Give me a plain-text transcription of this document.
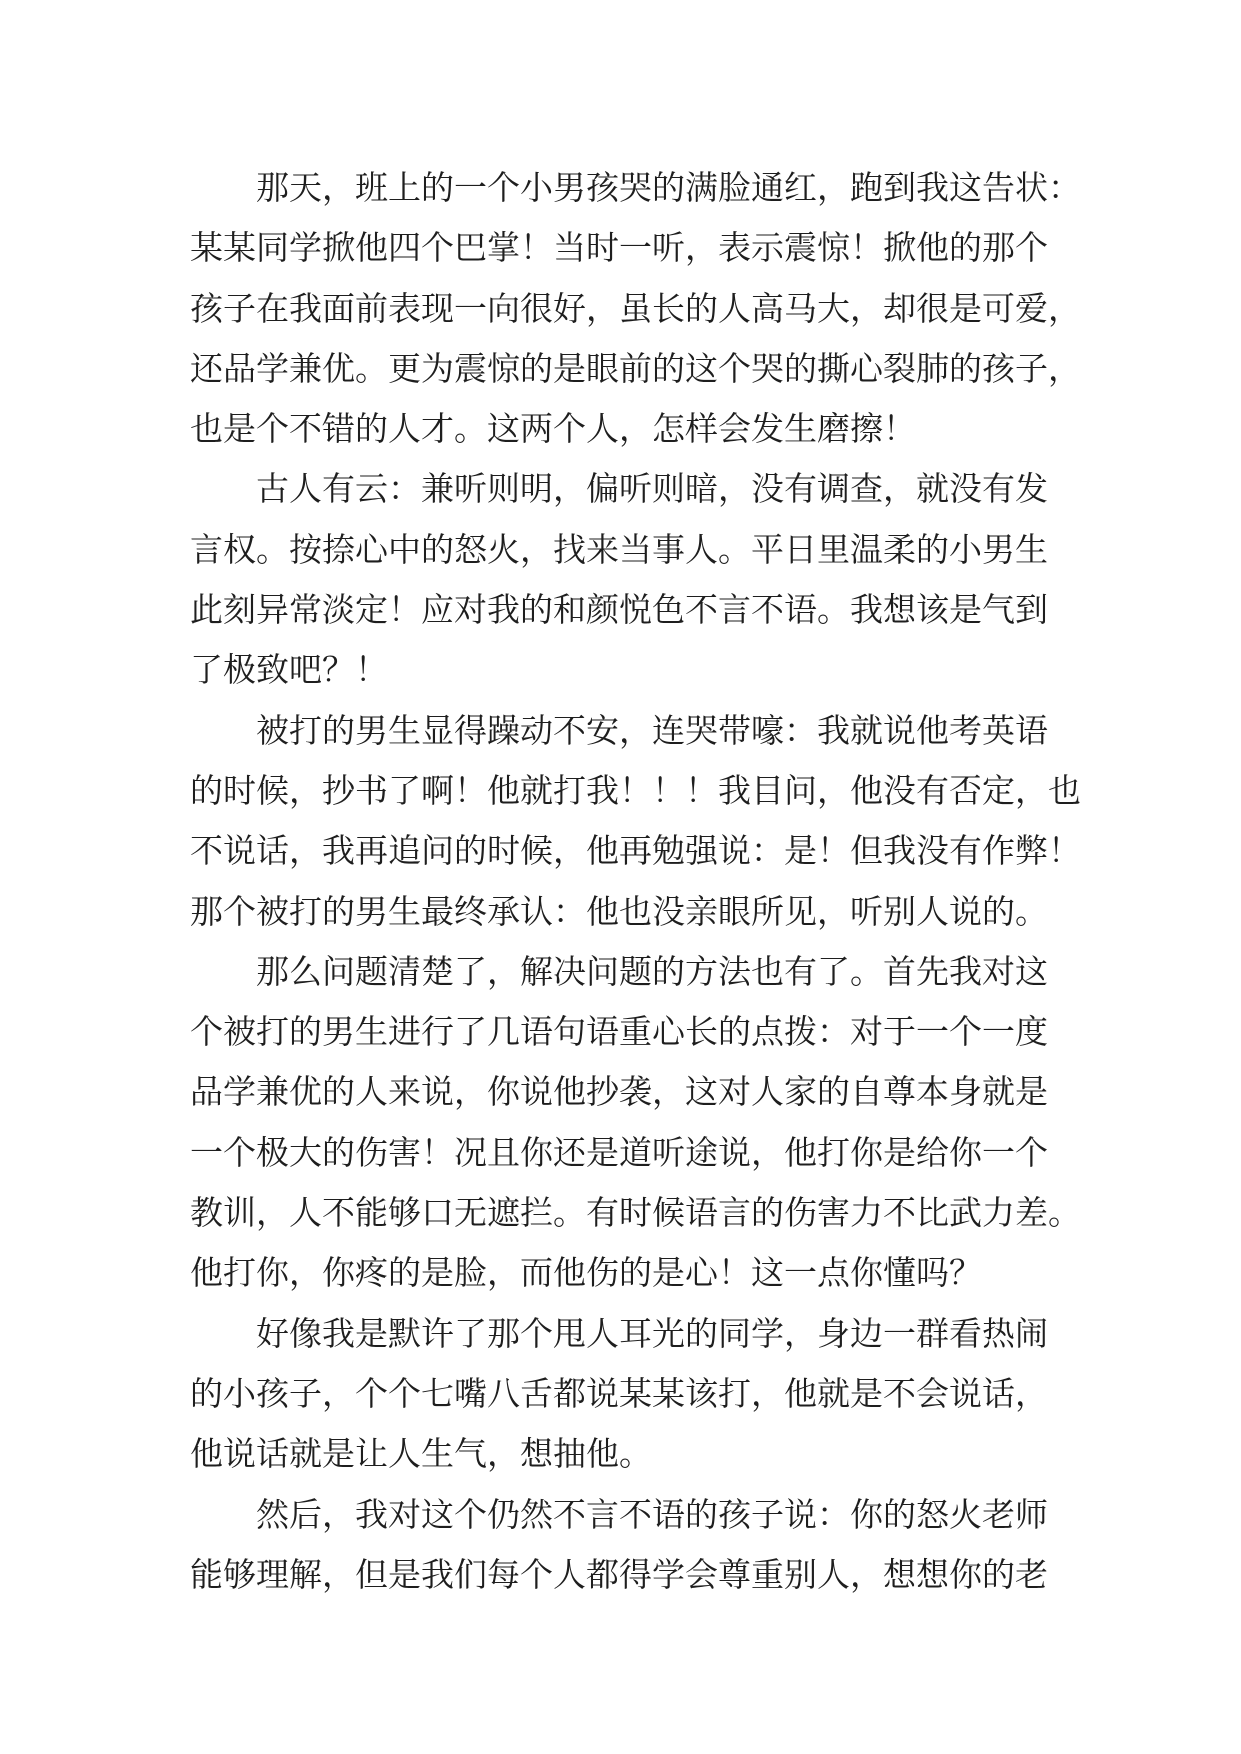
那天，班上的一个小男孩哭的满脸通红，跑到我这告状：
某某同学掀他四个巴掌！当时一听，表示震惊！掀他的那个
孩子在我面前表现一向很好，虽长的人高马大，却很是可爱，
还品学兼优。更为震惊的是眼前的这个哭的撕心裂肺的孩子，
也是个不错的人才。这两个人，怎样会发生磨擦！
古人有云：兼听则明，偏听则暗，没有调查，就没有发
言权。按捺心中的怒火，找来当事人。平日里温柔的小男生
此刻异常淡定！应对我的和颜悦色不言不语。我想该是气到
了极致吧？！
被打的男生显得躁动不安，连哭带嚎：我就说他考英语
的时候，抄书了啊！他就打我！！！我目问，他没有否定，也
不说话，我再追问的时候，他再勉强说：是！但我没有作弊！
那个被打的男生最终承认：他也没亲眼所见，听别人说的。
那么问题清楚了，解决问题的方法也有了。首先我对这
个被打的男生进行了几语句语重心长的点拨：对于一个一度
品学兼优的人来说，你说他抄袭，这对人家的自尊本身就是
一个极大的伤害！况且你还是道听途说，他打你是给你一个
教训，人不能够口无遮拦。有时候语言的伤害力不比武力差。
他打你，你疼的是脸，而他伤的是心！这一点你懂吗？
好像我是默许了那个甩人耳光的同学，身边一群看热闹
的小孩子，个个七嘴八舌都说某某该打，他就是不会说话，
他说话就是让人生气，想抽他。
然后，我对这个仍然不言不语的孩子说：你的怒火老师
能够理解，但是我们每个人都得学会尊重别人，想想你的老
